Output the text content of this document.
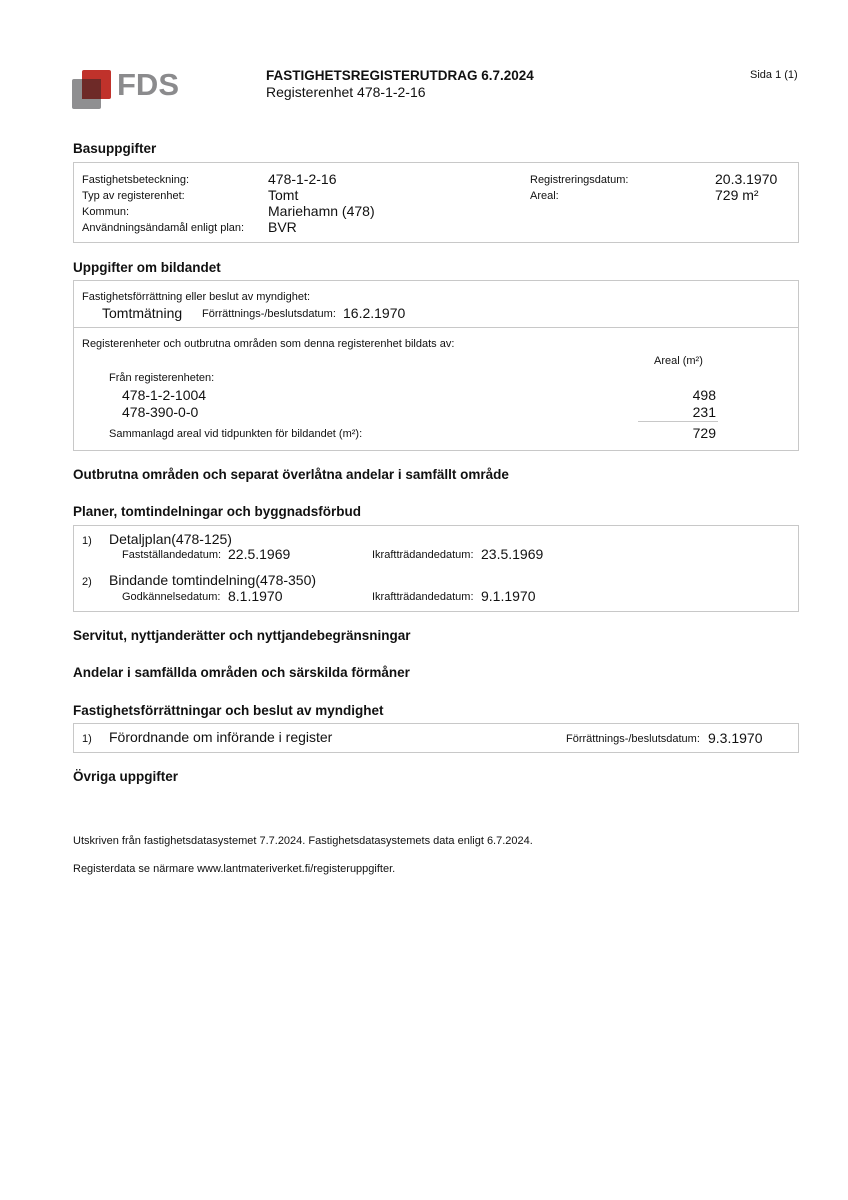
FDS	FASTIGHETSREGISTERUTDRAG 6.7.2024
Registerenhet 478-1-2-16
Sida 1 (1)
Basuppgifter
Fastighetsbeteckning:	478-1-2-16
Typ av registerenhet:	Tomt
Kommun:	Mariehamn (478)
Användningsändamål enligt plan: BVR
Registreringsdatum:	20.3.1970
Areal:	729 m²
Uppgifter om bildandet
Fastighetsförrättning eller beslut av myndighet:
Tomtmätning Förrättnings-/beslutsdatum: 16.2.1970
Registerenheter och outbrutna områden som denna registerenhet bildats av:
Areal (m²)
Från registerenheten:
478-1-2-1004	498
478-390-0-0	231
Sammanlagd areal vid tidpunkten för bildandet (m²):	729
Outbrutna områden och separat överlåtna andelar i samfällt område
Planer, tomtindelningar och byggnadsförbud
1) Detaljplan(478-125)
Fastställandedatum: 22.5.1969	Ikraftträdandedatum: 23.5.1969
2) Bindande tomtindelning(478-350)
Godkännelsedatum: 8.1.1970	Ikraftträdandedatum: 9.1.1970
Servitut, nyttjanderätter och nyttjandebegränsningar
Andelar i samfällda områden och särskilda förmåner
Fastighetsförrättningar och beslut av myndighet
1) Förordnande om införande i register	Förrättnings-/beslutsdatum: 9.3.1970
Övriga uppgifter
Utskriven från fastighetsdatasystemet 7.7.2024. Fastighetsdatasystemets data enligt 6.7.2024.
Registerdata se närmare www.lantmateriverket.fi/registeruppgifter.
